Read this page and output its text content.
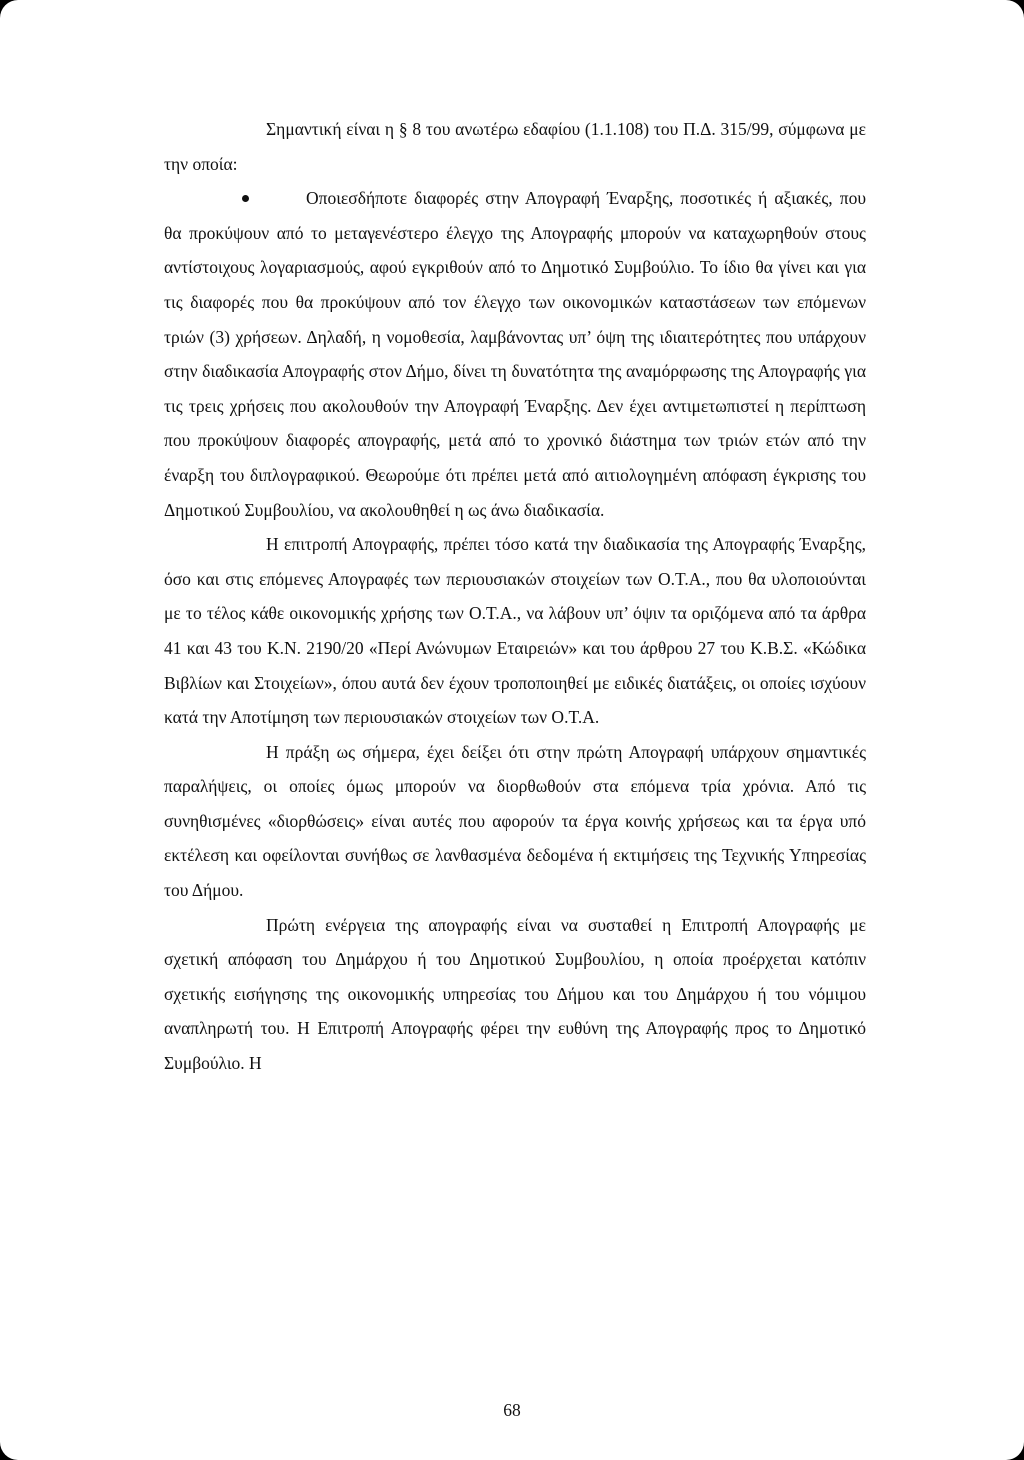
Σημαντική είναι η § 8 του ανωτέρω εδαφίου (1.1.108) του Π.Δ. 315/99, σύμφωνα με την οποία:

Οποιεσδήποτε διαφορές στην Απογραφή Έναρξης, ποσοτικές ή αξιακές, που θα προκύψουν από το μεταγενέστερο έλεγχο της Απογραφής μπορούν να καταχωρηθούν στους αντίστοιχους λογαριασμούς, αφού εγκριθούν από το Δημοτικό Συμβούλιο. Το ίδιο θα γίνει και για τις διαφορές που θα προκύψουν από τον έλεγχο των οικονομικών καταστάσεων των επόμενων τριών (3) χρήσεων. Δηλαδή, η νομοθεσία, λαμβάνοντας υπ’ όψη της ιδιαιτερότητες που υπάρχουν στην διαδικασία Απογραφής στον Δήμο, δίνει τη δυνατότητα της αναμόρφωσης της Απογραφής για τις τρεις χρήσεις που ακολουθούν την Απογραφή Έναρξης. Δεν έχει αντιμετωπιστεί η περίπτωση που προκύψουν διαφορές απογραφής, μετά από το χρονικό διάστημα των τριών ετών από την έναρξη του διπλογραφικού. Θεωρούμε ότι πρέπει μετά από αιτιολογημένη απόφαση έγκρισης του Δημοτικού Συμβουλίου, να ακολουθηθεί η ως άνω διαδικασία.

Η επιτροπή Απογραφής, πρέπει τόσο κατά την διαδικασία της Απογραφής Έναρξης, όσο και στις επόμενες Απογραφές των περιουσιακών στοιχείων των Ο.Τ.Α., που θα υλοποιούνται με το τέλος κάθε οικονομικής χρήσης των Ο.Τ.Α., να λάβουν υπ’ όψιν τα οριζόμενα από τα άρθρα 41 και 43 του Κ.Ν. 2190/20 «Περί Ανώνυμων Εταιρειών» και του άρθρου 27 του Κ.Β.Σ. «Κώδικα Βιβλίων και Στοιχείων», όπου αυτά δεν έχουν τροποποιηθεί με ειδικές διατάξεις, οι οποίες ισχύουν κατά την Αποτίμηση των περιουσιακών στοιχείων των Ο.Τ.Α.

Η πράξη ως σήμερα, έχει δείξει ότι στην πρώτη Απογραφή υπάρχουν σημαντικές παραλήψεις, οι οποίες όμως μπορούν να διορθωθούν στα επόμενα τρία χρόνια. Από τις συνηθισμένες «διορθώσεις» είναι αυτές που αφορούν τα έργα κοινής χρήσεως και τα έργα υπό εκτέλεση και οφείλονται συνήθως σε λανθασμένα δεδομένα ή εκτιμήσεις της Τεχνικής Υπηρεσίας του Δήμου.

Πρώτη ενέργεια της απογραφής είναι να συσταθεί η Επιτροπή Απογραφής με σχετική απόφαση του Δημάρχου ή του Δημοτικού Συμβουλίου, η οποία προέρχεται κατόπιν σχετικής εισήγησης της οικονομικής υπηρεσίας του Δήμου και του Δημάρχου ή του νόμιμου αναπληρωτή του. Η Επιτροπή Απογραφής φέρει την ευθύνη της Απογραφής προς το Δημοτικό Συμβούλιο. Η

68
